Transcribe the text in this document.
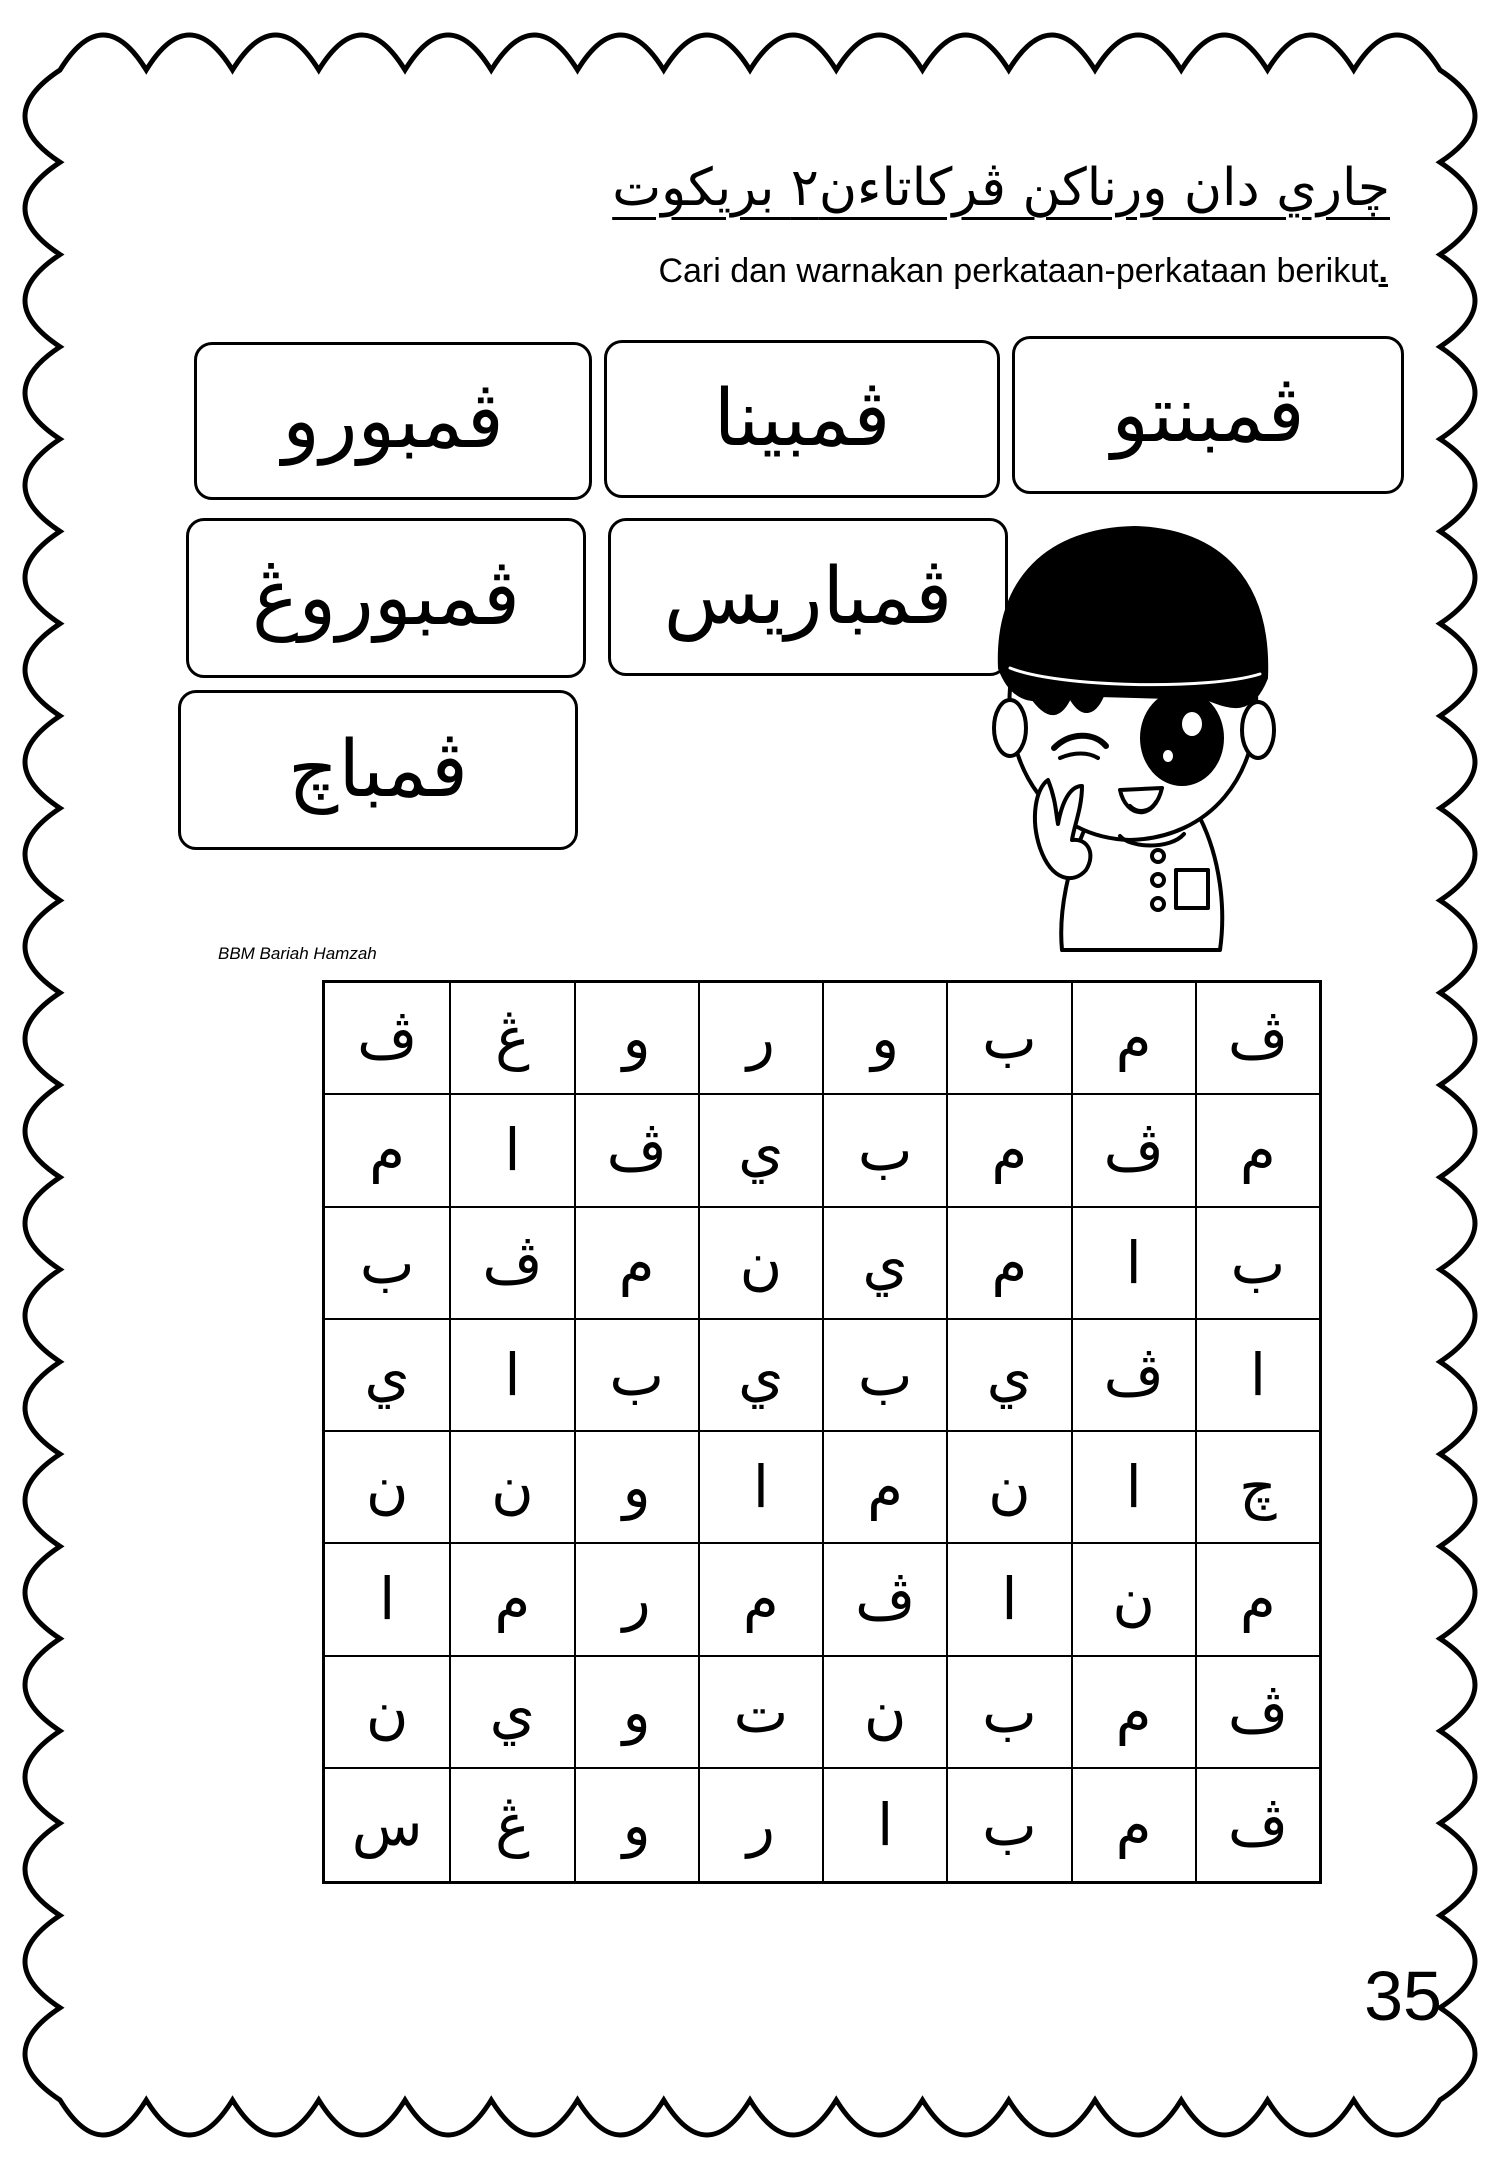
چاري دان ورناکن ڤرکاتاءن٢ بريکوت
Cari dan warnakan perkataan-perkataan berikut.
ڤمبنتو
ڤمبينا
ڤمبورو
ڤمباريس
ڤمبوروڠ
ڤمباچ
BBM Bariah Hamzah
ڤ
م
ب
و
ر
و
ڠ
ڤ
م
ڤ
م
ب
ي
ڤ
ا
م
ب
ا
م
ي
ن
م
ڤ
ب
ا
ڤ
ي
ب
ي
ب
ا
ي
چ
ا
ن
م
ا
و
ن
ن
م
ن
ا
ڤ
م
ر
م
ا
ڤ
م
ب
ن
ت
و
ي
ن
ڤ
م
ب
ا
ر
و
ڠ
س
35
